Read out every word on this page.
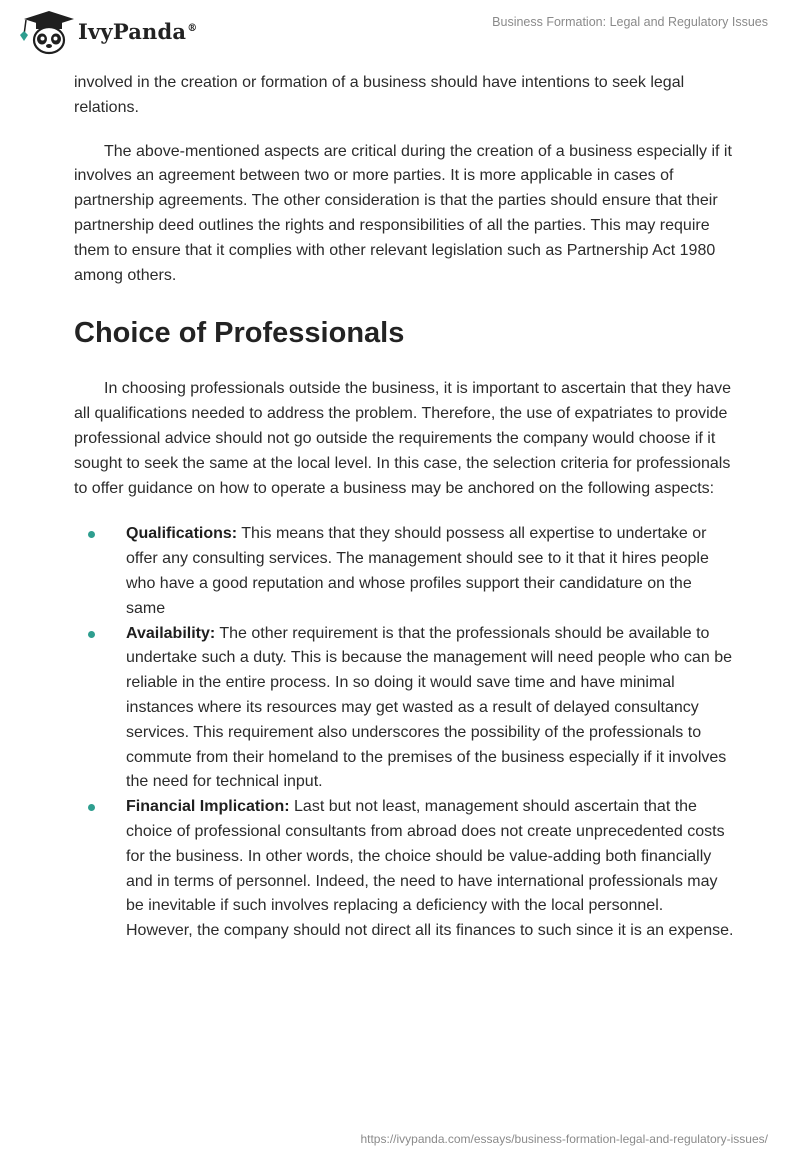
IvyPanda®	Business Formation: Legal and Regulatory Issues

involved in the creation or formation of a business should have intentions to seek legal relations.

The above-mentioned aspects are critical during the creation of a business especially if it involves an agreement between two or more parties. It is more applicable in cases of partnership agreements. The other consideration is that the parties should ensure that their partnership deed outlines the rights and responsibilities of all the parties. This may require them to ensure that it complies with other relevant legislation such as Partnership Act 1980 among others.

Choice of Professionals

In choosing professionals outside the business, it is important to ascertain that they have all qualifications needed to address the problem. Therefore, the use of expatriates to provide professional advice should not go outside the requirements the company would choose if it sought to seek the same at the local level. In this case, the selection criteria for professionals to offer guidance on how to operate a business may be anchored on the following aspects:

Qualifications: This means that they should possess all expertise to undertake or offer any consulting services. The management should see to it that it hires people who have a good reputation and whose profiles support their candidature on the same
Availability: The other requirement is that the professionals should be available to undertake such a duty. This is because the management will need people who can be reliable in the entire process. In so doing it would save time and have minimal instances where its resources may get wasted as a result of delayed consultancy services. This requirement also underscores the possibility of the professionals to commute from their homeland to the premises of the business especially if it involves the need for technical input.
Financial Implication: Last but not least, management should ascertain that the choice of professional consultants from abroad does not create unprecedented costs for the business. In other words, the choice should be value-adding both financially and in terms of personnel. Indeed, the need to have international professionals may be inevitable if such involves replacing a deficiency with the local personnel. However, the company should not direct all its finances to such since it is an expense.
https://ivypanda.com/essays/business-formation-legal-and-regulatory-issues/
